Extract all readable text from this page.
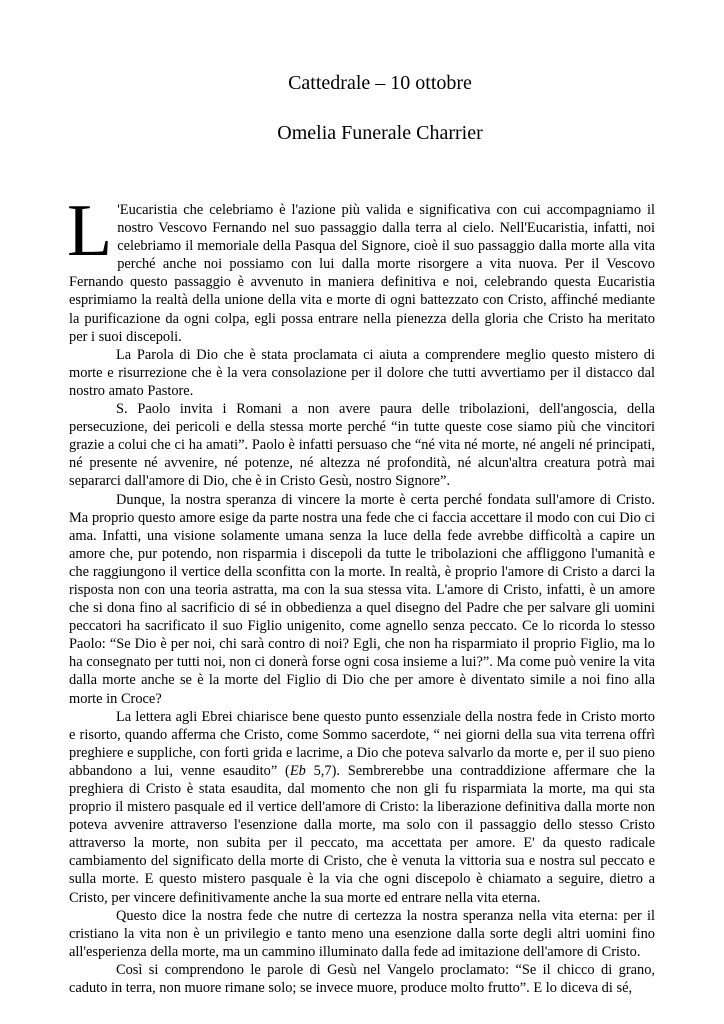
Cattedrale – 10 ottobre
Omelia Funerale Charrier

L 'Eucaristia che celebriamo è l'azione più valida e significativa con cui accompagniamo il nostro Vescovo Fernando nel suo passaggio dalla terra al cielo. Nell'Eucaristia, infatti, noi celebriamo il memoriale della Pasqua del Signore, cioè il suo passaggio dalla morte alla vita perché anche noi possiamo con lui dalla morte risorgere a vita nuova. Per il Vescovo Fernando questo passaggio è avvenuto in maniera definitiva e noi, celebrando questa Eucaristia esprimiamo la realtà della unione della vita e morte di ogni battezzato con Cristo, affinché mediante la purificazione da ogni colpa, egli possa entrare nella pienezza della gloria che Cristo ha meritato per i suoi discepoli.

La Parola di Dio che è stata proclamata ci aiuta a comprendere meglio questo mistero di morte e risurrezione che è la vera consolazione per il dolore che tutti avvertiamo per il distacco dal nostro amato Pastore.

S. Paolo invita i Romani a non avere paura delle tribolazioni, dell'angoscia, della persecuzione, dei pericoli e della stessa morte perché “in tutte queste cose siamo più che vincitori grazie a colui che ci ha amati”. Paolo è infatti persuaso che “né vita né morte, né angeli né principati, né presente né avvenire, né potenze, né altezza né profondità, né alcun'altra creatura potrà mai separarci dall'amore di Dio, che è in Cristo Gesù, nostro Signore”.

Dunque, la nostra speranza di vincere la morte è certa perché fondata sull'amore di Cristo. Ma proprio questo amore esige da parte nostra una fede che ci faccia accettare il modo con cui Dio ci ama. Infatti, una visione solamente umana senza la luce della fede avrebbe difficoltà a capire un amore che, pur potendo, non risparmia i discepoli da tutte le tribolazioni che affliggono l'umanità e che raggiungono il vertice della sconfitta con la morte. In realtà, è proprio l'amore di Cristo a darci la risposta non con una teoria astratta, ma con la sua stessa vita. L'amore di Cristo, infatti, è un amore che si dona fino al sacrificio di sé in obbedienza a quel disegno del Padre che per salvare gli uomini peccatori ha sacrificato il suo Figlio unigenito, come agnello senza peccato. Ce lo ricorda lo stesso Paolo: “Se Dio è per noi, chi sarà contro di noi? Egli, che non ha risparmiato il proprio Figlio, ma lo ha consegnato per tutti noi, non ci donerà forse ogni cosa insieme a lui?”. Ma come può venire la vita dalla morte anche se è la morte del Figlio di Dio che per amore è diventato simile a noi fino alla morte in Croce?

La lettera agli Ebrei chiarisce bene questo punto essenziale della nostra fede in Cristo morto e risorto, quando afferma che Cristo, come Sommo sacerdote, “ nei giorni della sua vita terrena offrì preghiere e suppliche, con forti grida e lacrime, a Dio che poteva salvarlo da morte e, per il suo pieno abbandono a lui, venne esaudito” (Eb 5,7). Sembrerebbe una contraddizione affermare che la preghiera di Cristo è stata esaudita, dal momento che non gli fu risparmiata la morte, ma qui sta proprio il mistero pasquale ed il vertice dell'amore di Cristo: la liberazione definitiva dalla morte non poteva avvenire attraverso l'esenzione dalla morte, ma solo con il passaggio dello stesso Cristo attraverso la morte, non subita per il peccato, ma accettata per amore. E' da questo radicale cambiamento del significato della morte di Cristo, che è venuta la vittoria sua e nostra sul peccato e sulla morte. E questo mistero pasquale è la via che ogni discepolo è chiamato a seguire, dietro a Cristo, per vincere definitivamente anche la sua morte ed entrare nella vita eterna.

Questo dice la nostra fede che nutre di certezza la nostra speranza nella vita eterna: per il cristiano la vita non è un privilegio e tanto meno una esenzione dalla sorte degli altri uomini fino all'esperienza della morte, ma un cammino illuminato dalla fede ad imitazione dell'amore di Cristo.

Così si comprendono le parole di Gesù nel Vangelo proclamato: “Se il chicco di grano, caduto in terra, non muore rimane solo; se invece muore, produce molto frutto”. E lo diceva di sé,
